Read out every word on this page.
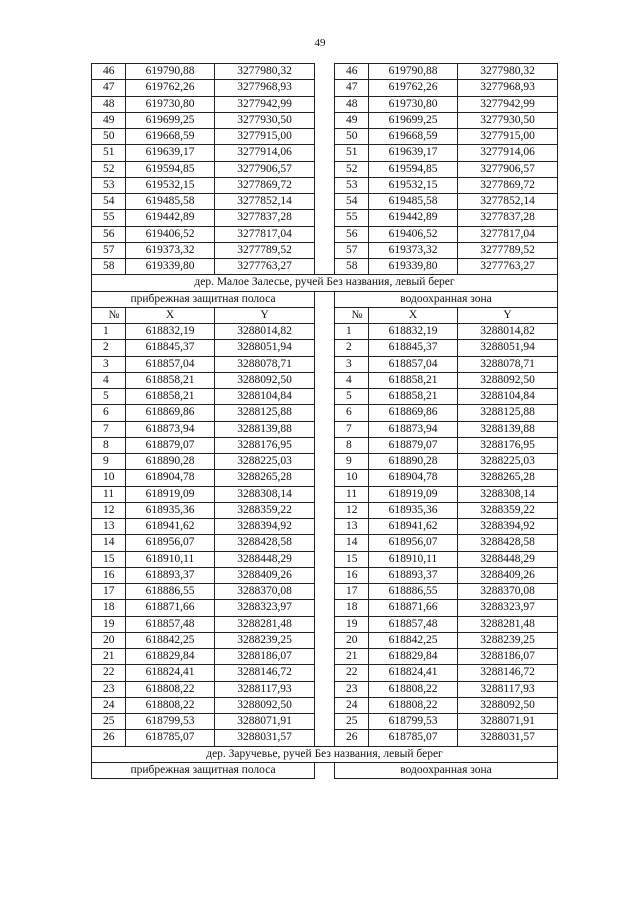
49
46	619790,88	3277980,32		46	619790,88	3277980,32
47	619762,26	3277968,93		47	619762,26	3277968,93
48	619730,80	3277942,99		48	619730,80	3277942,99
49	619699,25	3277930,50		49	619699,25	3277930,50
50	619668,59	3277915,00		50	619668,59	3277915,00
51	619639,17	3277914,06		51	619639,17	3277914,06
52	619594,85	3277906,57		52	619594,85	3277906,57
53	619532,15	3277869,72		53	619532,15	3277869,72
54	619485,58	3277852,14		54	619485,58	3277852,14
55	619442,89	3277837,28		55	619442,89	3277837,28
56	619406,52	3277817,04		56	619406,52	3277817,04
57	619373,32	3277789,52		57	619373,32	3277789,52
58	619339,80	3277763,27		58	619339,80	3277763,27
дер. Малое Залесье, ручей Без названия, левый берег						
прибрежная защитная полоса				водоохранная зона		
№	X	Y		№	X	Y
1	618832,19	3288014,82		1	618832,19	3288014,82
2	618845,37	3288051,94		2	618845,37	3288051,94
3	618857,04	3288078,71		3	618857,04	3288078,71
4	618858,21	3288092,50		4	618858,21	3288092,50
5	618858,21	3288104,84		5	618858,21	3288104,84
6	618869,86	3288125,88		6	618869,86	3288125,88
7	618873,94	3288139,88		7	618873,94	3288139,88
8	618879,07	3288176,95		8	618879,07	3288176,95
9	618890,28	3288225,03		9	618890,28	3288225,03
10	618904,78	3288265,28		10	618904,78	3288265,28
11	618919,09	3288308,14		11	618919,09	3288308,14
12	618935,36	3288359,22		12	618935,36	3288359,22
13	618941,62	3288394,92		13	618941,62	3288394,92
14	618956,07	3288428,58		14	618956,07	3288428,58
15	618910,11	3288448,29		15	618910,11	3288448,29
16	618893,37	3288409,26		16	618893,37	3288409,26
17	618886,55	3288370,08		17	618886,55	3288370,08
18	618871,66	3288323,97		18	618871,66	3288323,97
19	618857,48	3288281,48		19	618857,48	3288281,48
20	618842,25	3288239,25		20	618842,25	3288239,25
21	618829,84	3288186,07		21	618829,84	3288186,07
22	618824,41	3288146,72		22	618824,41	3288146,72
23	618808,22	3288117,93		23	618808,22	3288117,93
24	618808,22	3288092,50		24	618808,22	3288092,50
25	618799,53	3288071,91		25	618799,53	3288071,91
26	618785,07	3288031,57		26	618785,07	3288031,57
дер. Заручевье, ручей Без названия, левый берег						
прибрежная защитная полоса				водоохранная зона		
